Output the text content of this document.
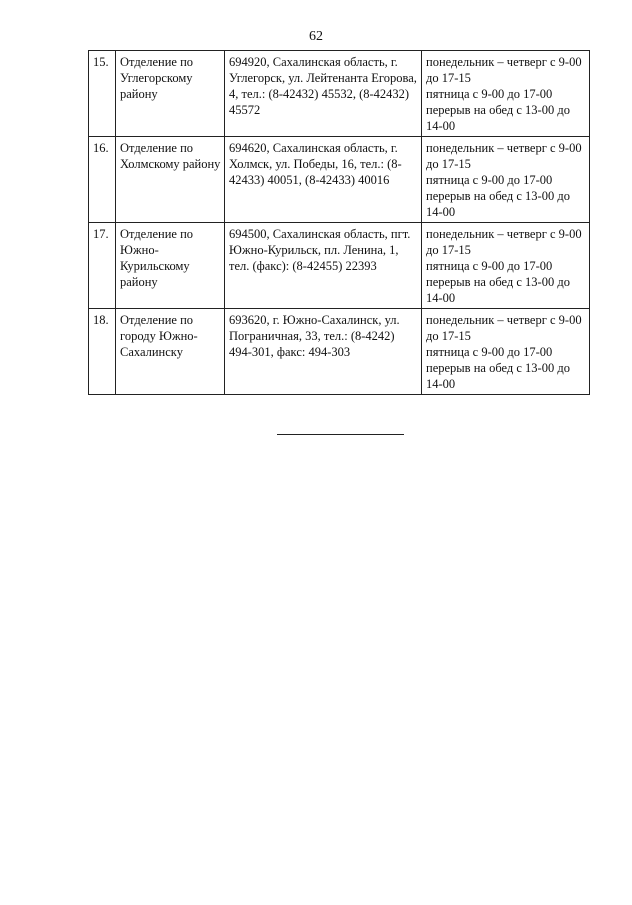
62
15.	Отделение по Углегорскому району	694920, Сахалинская область, г. Углегорск, ул. Лейтенанта Егорова, 4, тел.: (8-42432) 45532, (8-42432) 45572	понедельник – четверг с 9-00 до 17-15
пятница с 9-00 до 17-00
перерыв на обед с 13-00 до 14-00

16.	Отделение по Холмскому району	694620, Сахалинская область, г. Холмск, ул. Победы, 16, тел.: (8-42433) 40051, (8-42433) 40016	понедельник – четверг с 9-00 до 17-15
пятница с 9-00 до 17-00
перерыв на обед с 13-00 до 14-00

17.	Отделение по Южно-Курильскому району	694500, Сахалинская область, пгт. Южно-Курильск, пл. Ленина, 1, тел. (факс): (8-42455) 22393	понедельник – четверг с 9-00 до 17-15
пятница с 9-00 до 17-00
перерыв на обед с 13-00 до 14-00

18.	Отделение по городу Южно-Сахалинску	693620, г. Южно-Сахалинск, ул. Пограничная, 33, тел.: (8-4242) 494-301, факс: 494-303	понедельник – четверг с 9-00 до 17-15
пятница с 9-00 до 17-00
перерыв на обед с 13-00 до 14-00
